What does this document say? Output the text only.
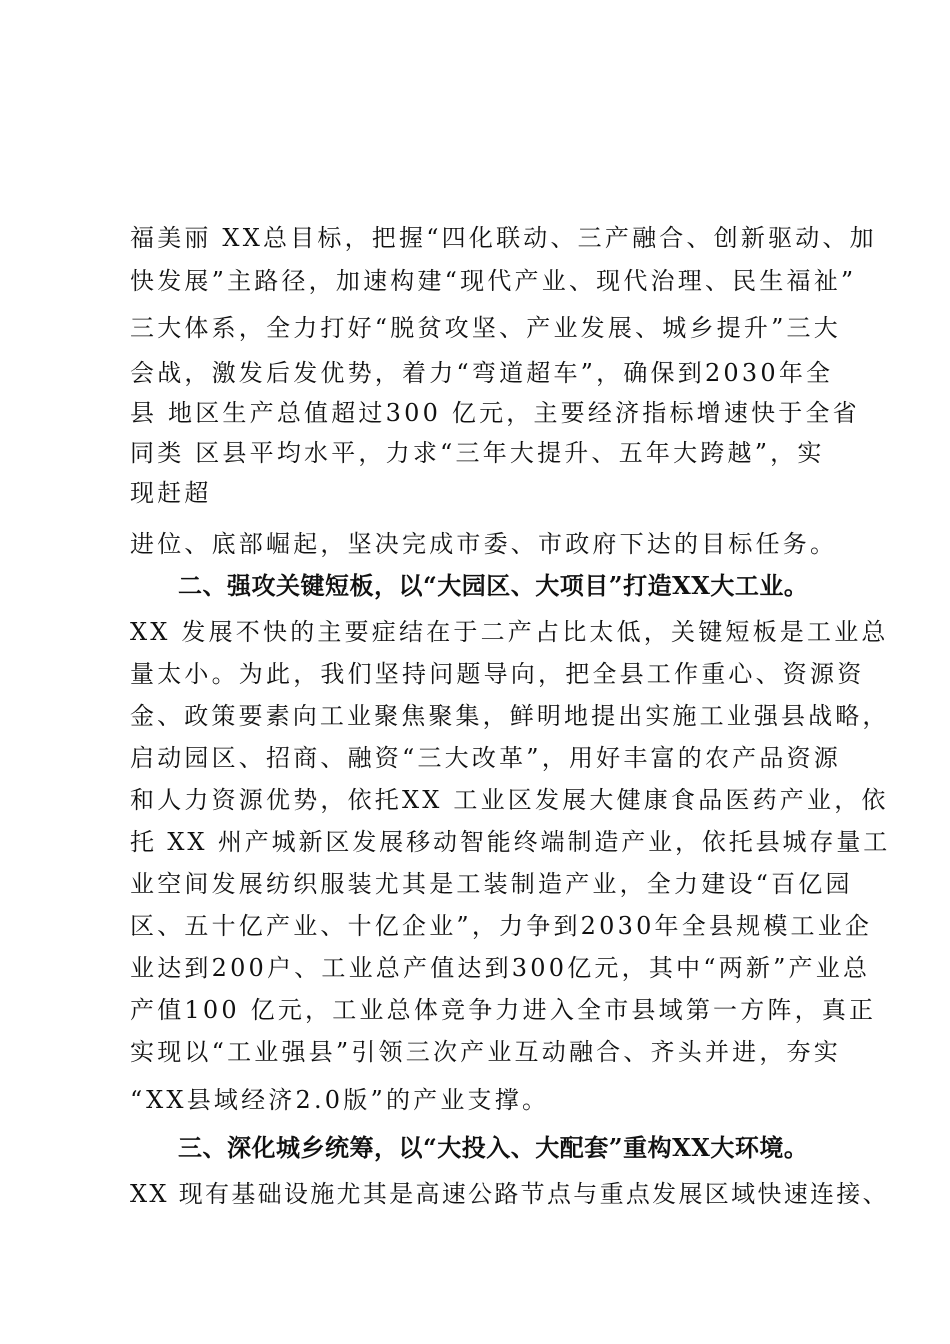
福美丽 XX总目标，把握“四化联动、三产融合、创新驱动、加
快发展”主路径，加速构建“现代产业、现代治理、民生福祉”
三大体系，全力打好“脱贫攻坚、产业发展、城乡提升”三大
会战，激发后发优势，着力“弯道超车”，确保到2030年全
县 地区生产总值超过300 亿元，主要经济指标增速快于全省
同类 区县平均水平，力求“三年大提升、五年大跨越”，实
现赶超
进位、底部崛起，坚决完成市委、市政府下达的目标任务。
二、强攻关键短板，以“大园区、大项目”打造XX大工业。
XX 发展不快的主要症结在于二产占比太低，关键短板是工业总
量太小。为此，我们坚持问题导向，把全县工作重心、资源资
金、政策要素向工业聚焦聚集，鲜明地提出实施工业强县战略，
启动园区、招商、融资“三大改革”，用好丰富的农产品资源
和人力资源优势，依托XX 工业区发展大健康食品医药产业，依
托 XX 州产城新区发展移动智能终端制造产业，依托县城存量工
业空间发展纺织服装尤其是工装制造产业，全力建设“百亿园
区、五十亿产业、十亿企业”，力争到2030年全县规模工业企
业达到200户、工业总产值达到300亿元，其中“两新”产业总
产值100 亿元，工业总体竞争力进入全市县域第一方阵，真正
实现以“工业强县”引领三次产业互动融合、齐头并进，夯实
“XX县域经济2.0版”的产业支撑。
三、深化城乡统筹，以“大投入、大配套”重构XX大环境。
XX 现有基础设施尤其是高速公路节点与重点发展区域快速连接、
